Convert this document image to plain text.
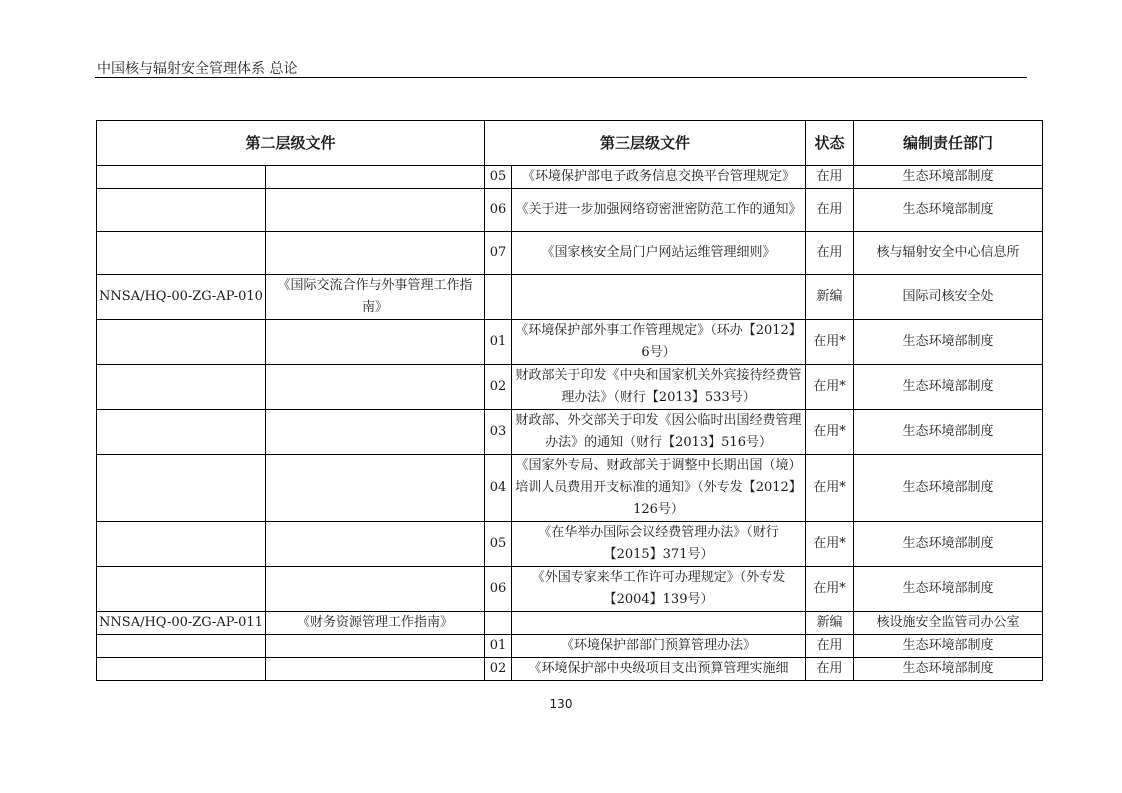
中国核与辐射安全管理体系 总论
第二层级文件		第三层级文件		状态	编制责任部门
		05	《环境保护部电子政务信息交换平台管理规定》	在用	生态环境部制度
		06	《关于进一步加强网络窃密泄密防范工作的通知》	在用	生态环境部制度
		07	《国家核安全局门户网站运维管理细则》	在用	核与辐射安全中心信息所
NNSA/HQ-00-ZG-AP-010	《国际交流合作与外事管理工作指南》			新编	国际司核安全处
		01	《环境保护部外事工作管理规定》（环办【2012】6号）	在用*	生态环境部制度
		02	财政部关于印发《中央和国家机关外宾接待经费管理办法》（财行【2013】533号）	在用*	生态环境部制度
		03	财政部、外交部关于印发《因公临时出国经费管理办法》的通知（财行【2013】516号）	在用*	生态环境部制度
		04	《国家外专局、财政部关于调整中长期出国（境）培训人员费用开支标准的通知》（外专发【2012】126号）	在用*	生态环境部制度
		05	《在华举办国际会议经费管理办法》（财行【2015】371号）	在用*	生态环境部制度
		06	《外国专家来华工作许可办理规定》（外专发【2004】139号）	在用*	生态环境部制度
NNSA/HQ-00-ZG-AP-011	《财务资源管理工作指南》			新编	核设施安全监管司办公室
		01	《环境保护部部门预算管理办法》	在用	生态环境部制度
		02	《环境保护部中央级项目支出预算管理实施细	在用	生态环境部制度
130
